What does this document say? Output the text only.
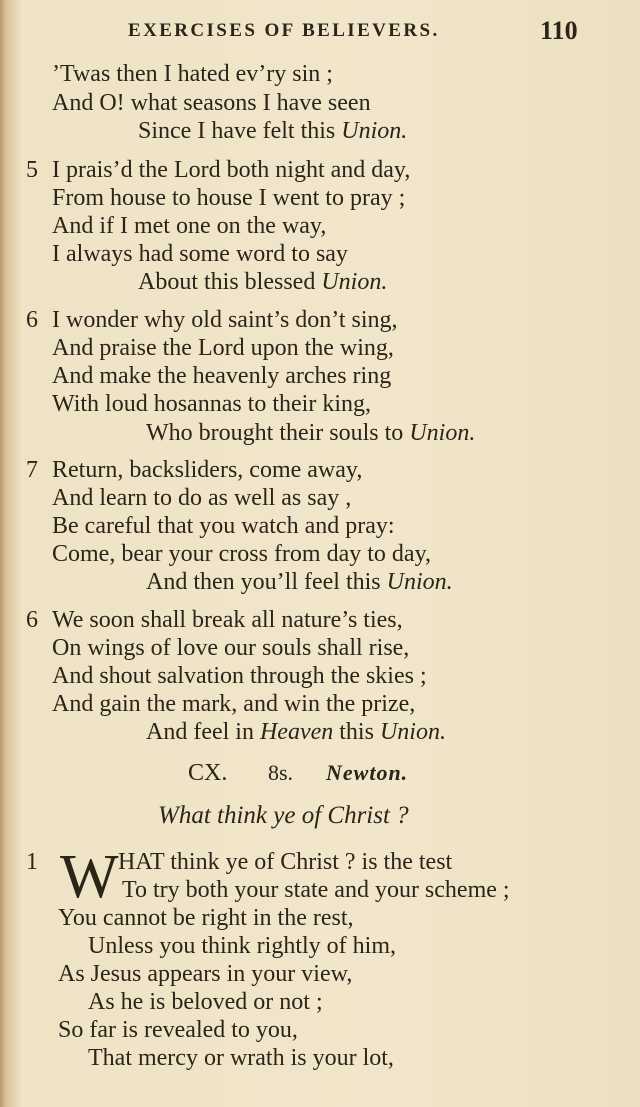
EXERCISES OF BELIEVERS.	110
’Twas then I hated ev’ry sin ;
And O! what seasons I have seen
Since I have felt this Union.
5 I prais’d the Lord both night and day,
From house to house I went to pray ;
And if I met one on the way,
I always had some word to say
About this blessed Union.
6 I wonder why old saint’s don’t sing,
And praise the Lord upon the wing,
And make the heavenly arches ring
With loud hosannas to their king,
Who brought their souls to Union.
7 Return, backsliders, come away,
And learn to do as well as say ,
Be careful that you watch and pray:
Come, bear your cross from day to day,
And then you’ll feel this Union.
6 We soon shall break all nature’s ties,
On wings of love our souls shall rise,
And shout salvation through the skies ;
And gain the mark, and win the prize,
And feel in Heaven this Union.
CX. 8s. Newton.
What think ye of Christ ?
1 W HAT think ye of Christ ? is the test
To try both your state and your scheme ;
You cannot be right in the rest,
Unless you think rightly of him,
As Jesus appears in your view,
As he is beloved or not ;
So far is revealed to you,
That mercy or wrath is your lot,
